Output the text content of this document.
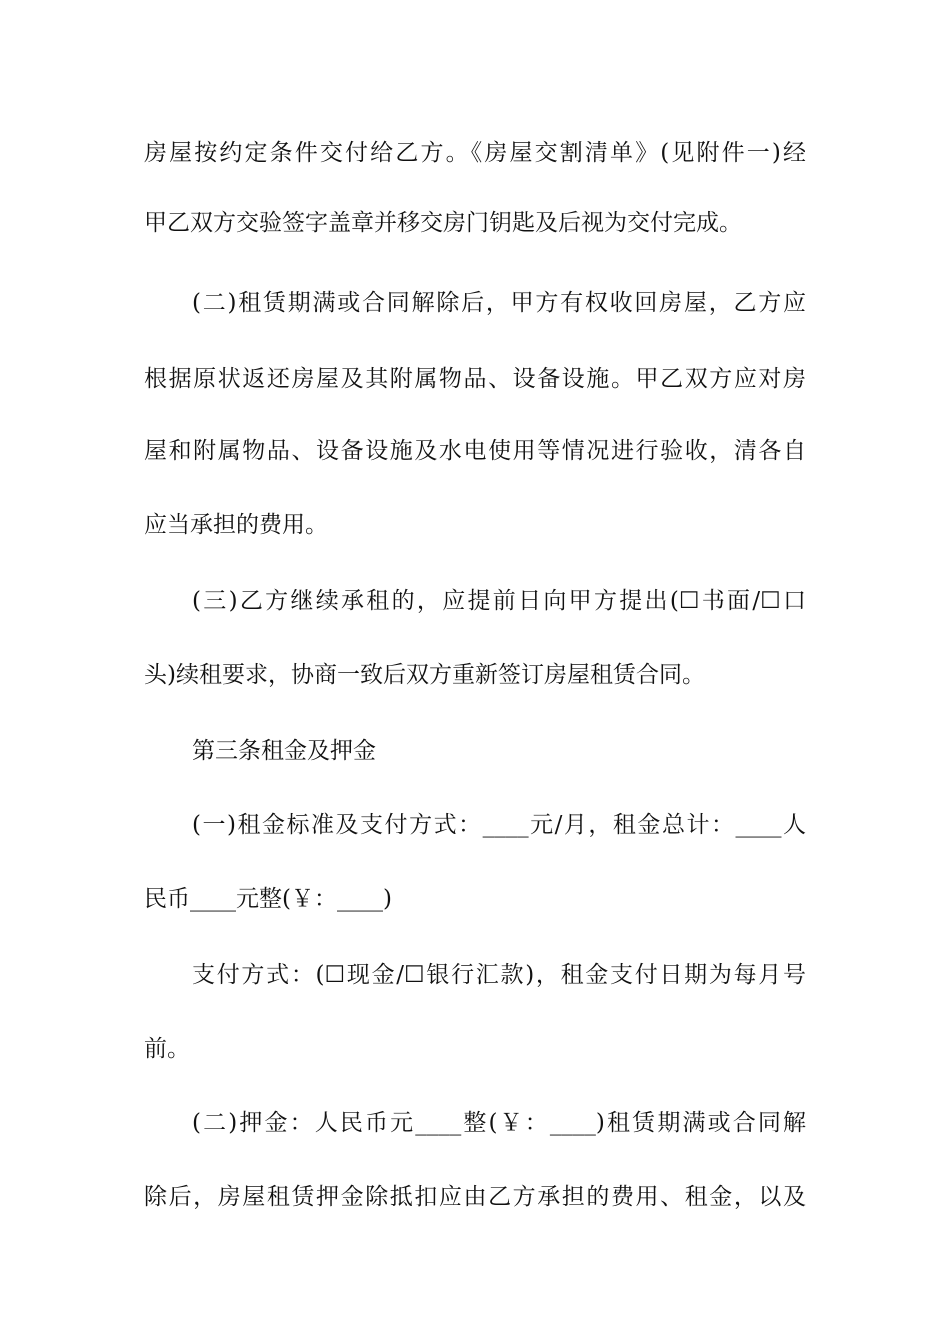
房屋按约定条件交付给乙方。《房屋交割清单》(见附件一)经

甲乙双方交验签字盖章并移交房门钥匙及后视为交付完成。

(二)租赁期满或合同解除后，甲方有权收回房屋，乙方应

根据原状返还房屋及其附属物品、设备设施。甲乙双方应对房

屋和附属物品、设备设施及水电使用等情况进行验收，清各自

应当承担的费用。

(三)乙方继续承租的，应提前日向甲方提出(☐书面/☐口

头)续租要求，协商一致后双方重新签订房屋租赁合同。

第三条租金及押金

(一)租金标准及支付方式：____元/月，租金总计：____人

民币____元整(￥：____)

支付方式：(☐现金/☐银行汇款)，租金支付日期为每月号

前。

(二)押金：人民币元____整(￥：____)租赁期满或合同解

除后，房屋租赁押金除抵扣应由乙方承担的费用、租金，以及
